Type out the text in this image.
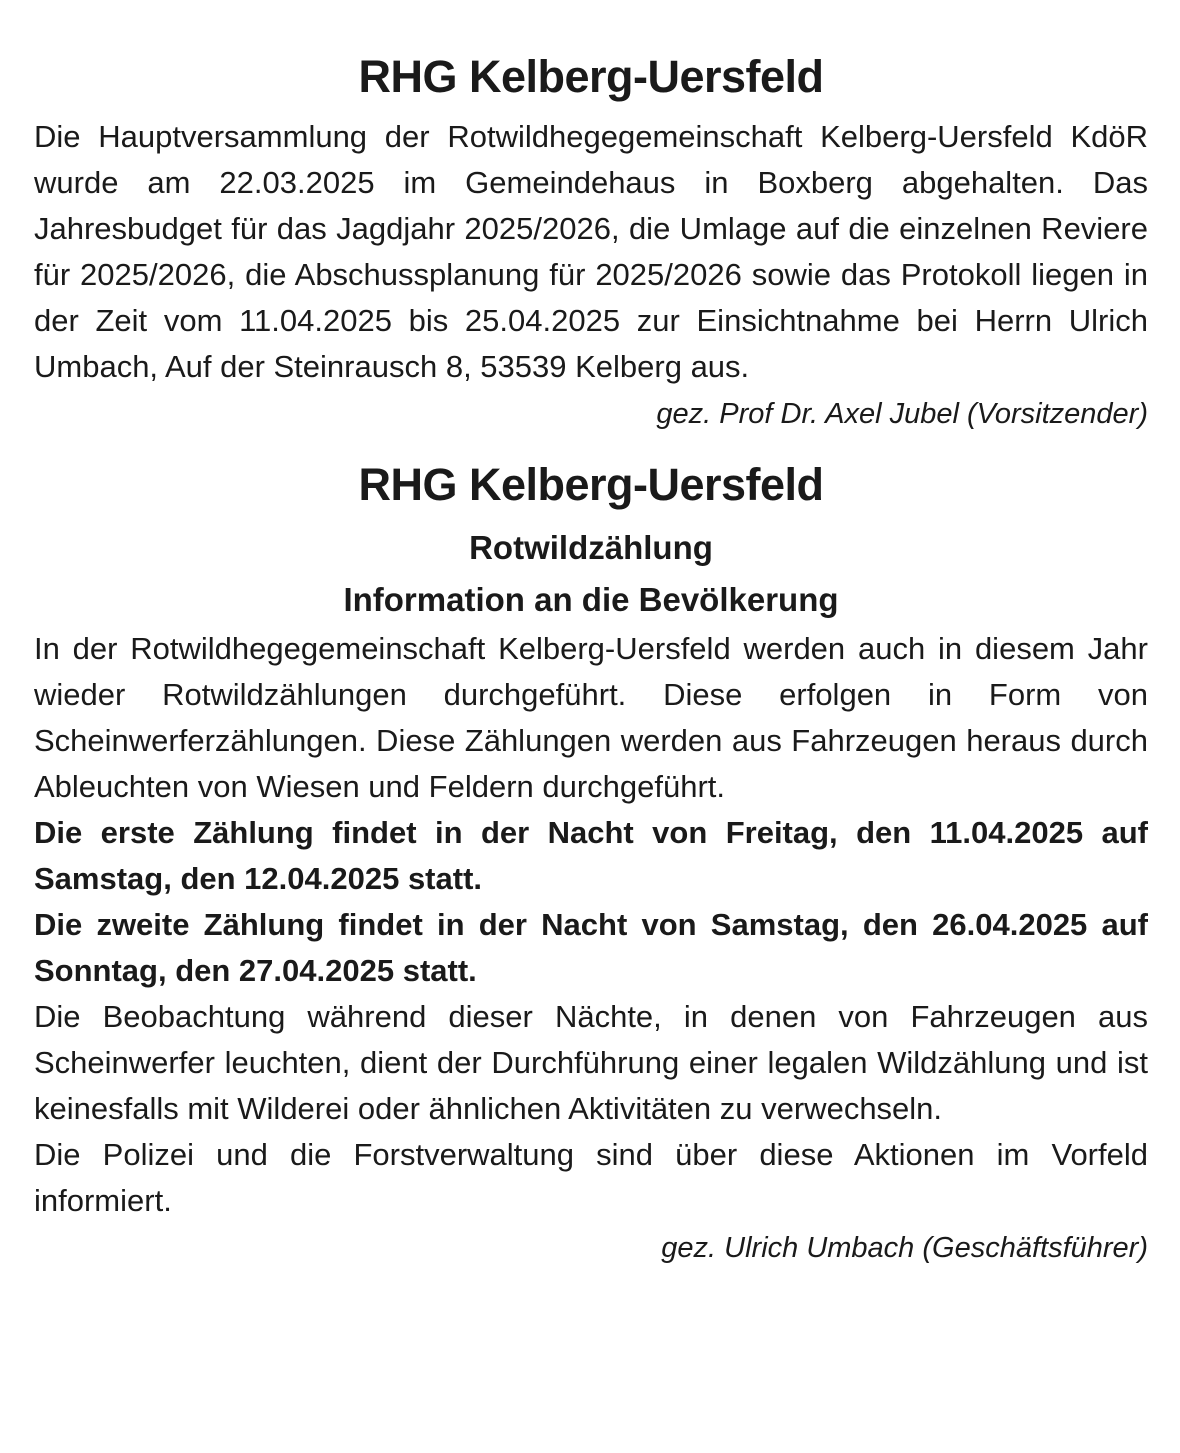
RHG Kelberg-Uersfeld

Die Hauptversammlung der Rotwildhegegemeinschaft Kelberg-Uersfeld KdöR wurde am 22.03.2025 im Gemeindehaus in Boxberg abgehalten. Das Jahresbudget für das Jagdjahr 2025/2026, die Umlage auf die einzelnen Reviere für 2025/2026, die Abschussplanung für 2025/2026 sowie das Protokoll liegen in der Zeit vom 11.04.2025 bis 25.04.2025 zur Einsichtnahme bei Herrn Ulrich Umbach, Auf der Steinrausch 8, 53539 Kelberg aus.

gez. Prof Dr. Axel Jubel (Vorsitzender)

RHG Kelberg-Uersfeld
Rotwildzählung
Information an die Bevölkerung

In der Rotwildhegegemeinschaft Kelberg-Uersfeld werden auch in diesem Jahr wieder Rotwildzählungen durchgeführt. Diese erfolgen in Form von Scheinwerferzählungen. Diese Zählungen werden aus Fahrzeugen heraus durch Ableuchten von Wiesen und Feldern durchgeführt.

Die erste Zählung findet in der Nacht von Freitag, den 11.04.2025 auf Samstag, den 12.04.2025 statt.

Die zweite Zählung findet in der Nacht von Samstag, den 26.04.2025 auf Sonntag, den 27.04.2025 statt.

Die Beobachtung während dieser Nächte, in denen von Fahrzeugen aus Scheinwerfer leuchten, dient der Durchführung einer legalen Wildzählung und ist keinesfalls mit Wilderei oder ähnlichen Aktivitäten zu verwechseln.

Die Polizei und die Forstverwaltung sind über diese Aktionen im Vorfeld informiert.

gez. Ulrich Umbach (Geschäftsführer)
